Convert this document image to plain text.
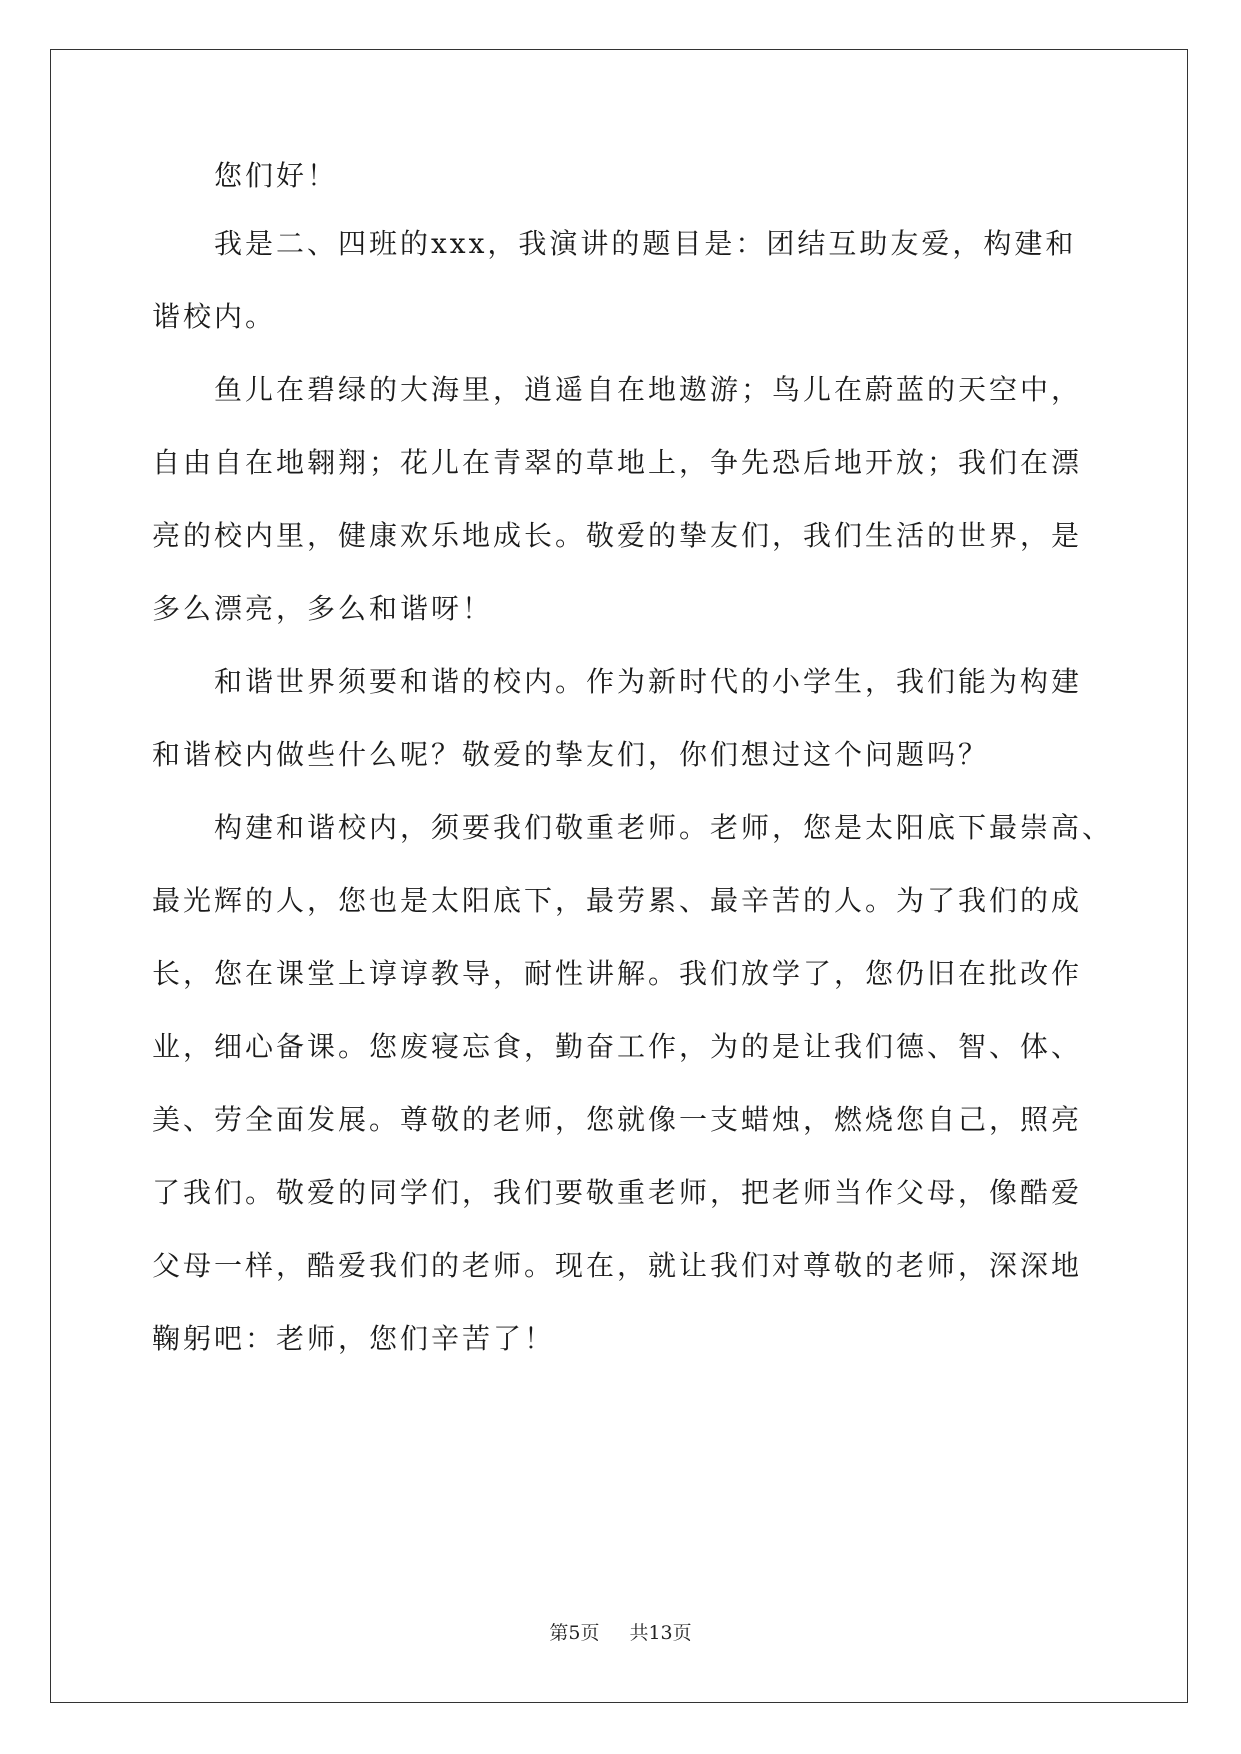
　　您们好！
　　我是二、四班的xxx，我演讲的题目是：团结互助友爱，构建和
谐校内。
　　鱼儿在碧绿的大海里，逍遥自在地遨游；鸟儿在蔚蓝的天空中，
自由自在地翱翔；花儿在青翠的草地上，争先恐后地开放；我们在漂
亮的校内里，健康欢乐地成长。敬爱的挚友们，我们生活的世界，是
多么漂亮，多么和谐呀！
　　和谐世界须要和谐的校内。作为新时代的小学生，我们能为构建
和谐校内做些什么呢？敬爱的挚友们，你们想过这个问题吗？
　　构建和谐校内，须要我们敬重老师。老师，您是太阳底下最崇高、
最光辉的人，您也是太阳底下，最劳累、最辛苦的人。为了我们的成
长，您在课堂上谆谆教导，耐性讲解。我们放学了，您仍旧在批改作
业，细心备课。您废寝忘食，勤奋工作，为的是让我们德、智、体、
美、劳全面发展。尊敬的老师，您就像一支蜡烛，燃烧您自己，照亮
了我们。敬爱的同学们，我们要敬重老师，把老师当作父母，像酷爱
父母一样，酷爱我们的老师。现在，就让我们对尊敬的老师，深深地
鞠躬吧：老师，您们辛苦了！
第5页 共13页
